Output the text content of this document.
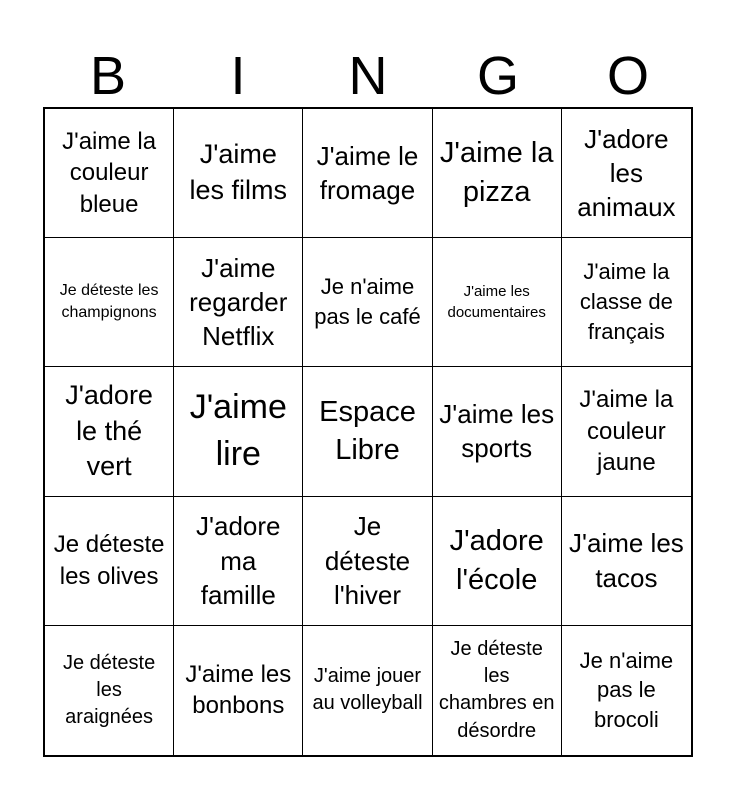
B	I	N	G	O
J'aime la couleur bleue
J'aime les films
J'aime le fromage
J'aime la pizza
J'adore les animaux
Je déteste les champignons
J'aime regarder Netflix
Je n'aime pas le café
J'aime les documentaires
J'aime la classe de français
J'adore le thé vert
J'aime lire
Espace Libre
J'aime les sports
J'aime la couleur jaune
Je déteste les olives
J'adore ma famille
Je déteste l'hiver
J'adore l'école
J'aime les tacos
Je déteste les araignées
J'aime les bonbons
J'aime jouer au volleyball
Je déteste les chambres en désordre
Je n'aime pas le brocoli
